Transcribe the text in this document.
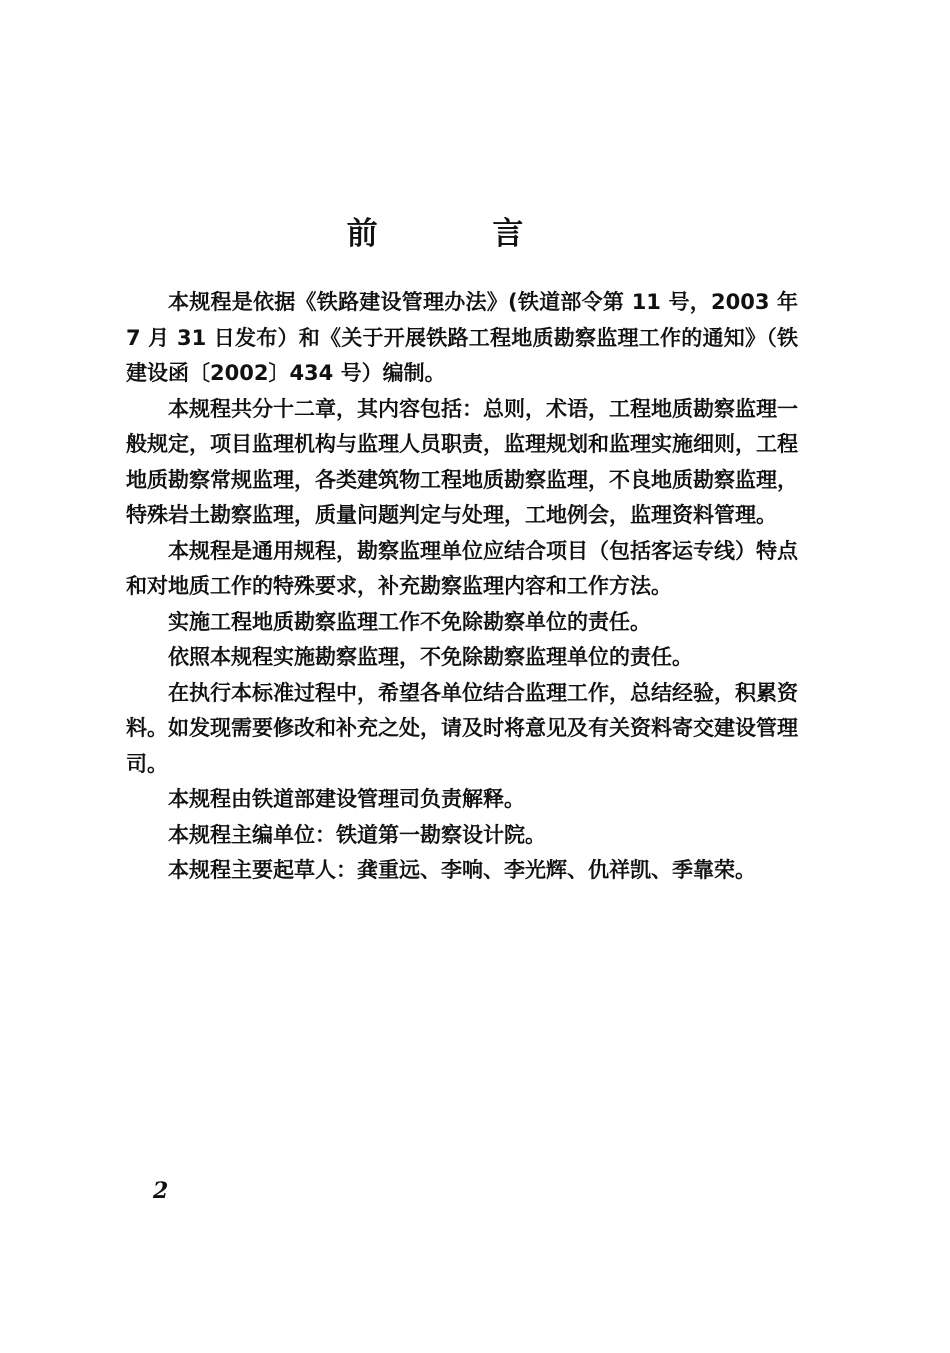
前 言

本规程是依据《铁路建设管理办法》(铁道部令第 11 号，2003 年 7 月 31 日发布）和《关于开展铁路工程地质勘察监理工作的通知》（铁建设函〔2002〕434 号）编制。

本规程共分十二章，其内容包括：总则，术语，工程地质勘察监理一般规定，项目监理机构与监理人员职责，监理规划和监理实施细则，工程地质勘察常规监理，各类建筑物工程地质勘察监理，不良地质勘察监理，特殊岩土勘察监理，质量问题判定与处理，工地例会，监理资料管理。

本规程是通用规程，勘察监理单位应结合项目（包括客运专线）特点和对地质工作的特殊要求，补充勘察监理内容和工作方法。

实施工程地质勘察监理工作不免除勘察单位的责任。

依照本规程实施勘察监理，不免除勘察监理单位的责任。

在执行本标准过程中，希望各单位结合监理工作，总结经验，积累资料。如发现需要修改和补充之处，请及时将意见及有关资料寄交建设管理司。

本规程由铁道部建设管理司负责解释。

本规程主编单位：铁道第一勘察设计院。

本规程主要起草人：龚重远、李响、李光辉、仇祥凯、季靠荣。

2
